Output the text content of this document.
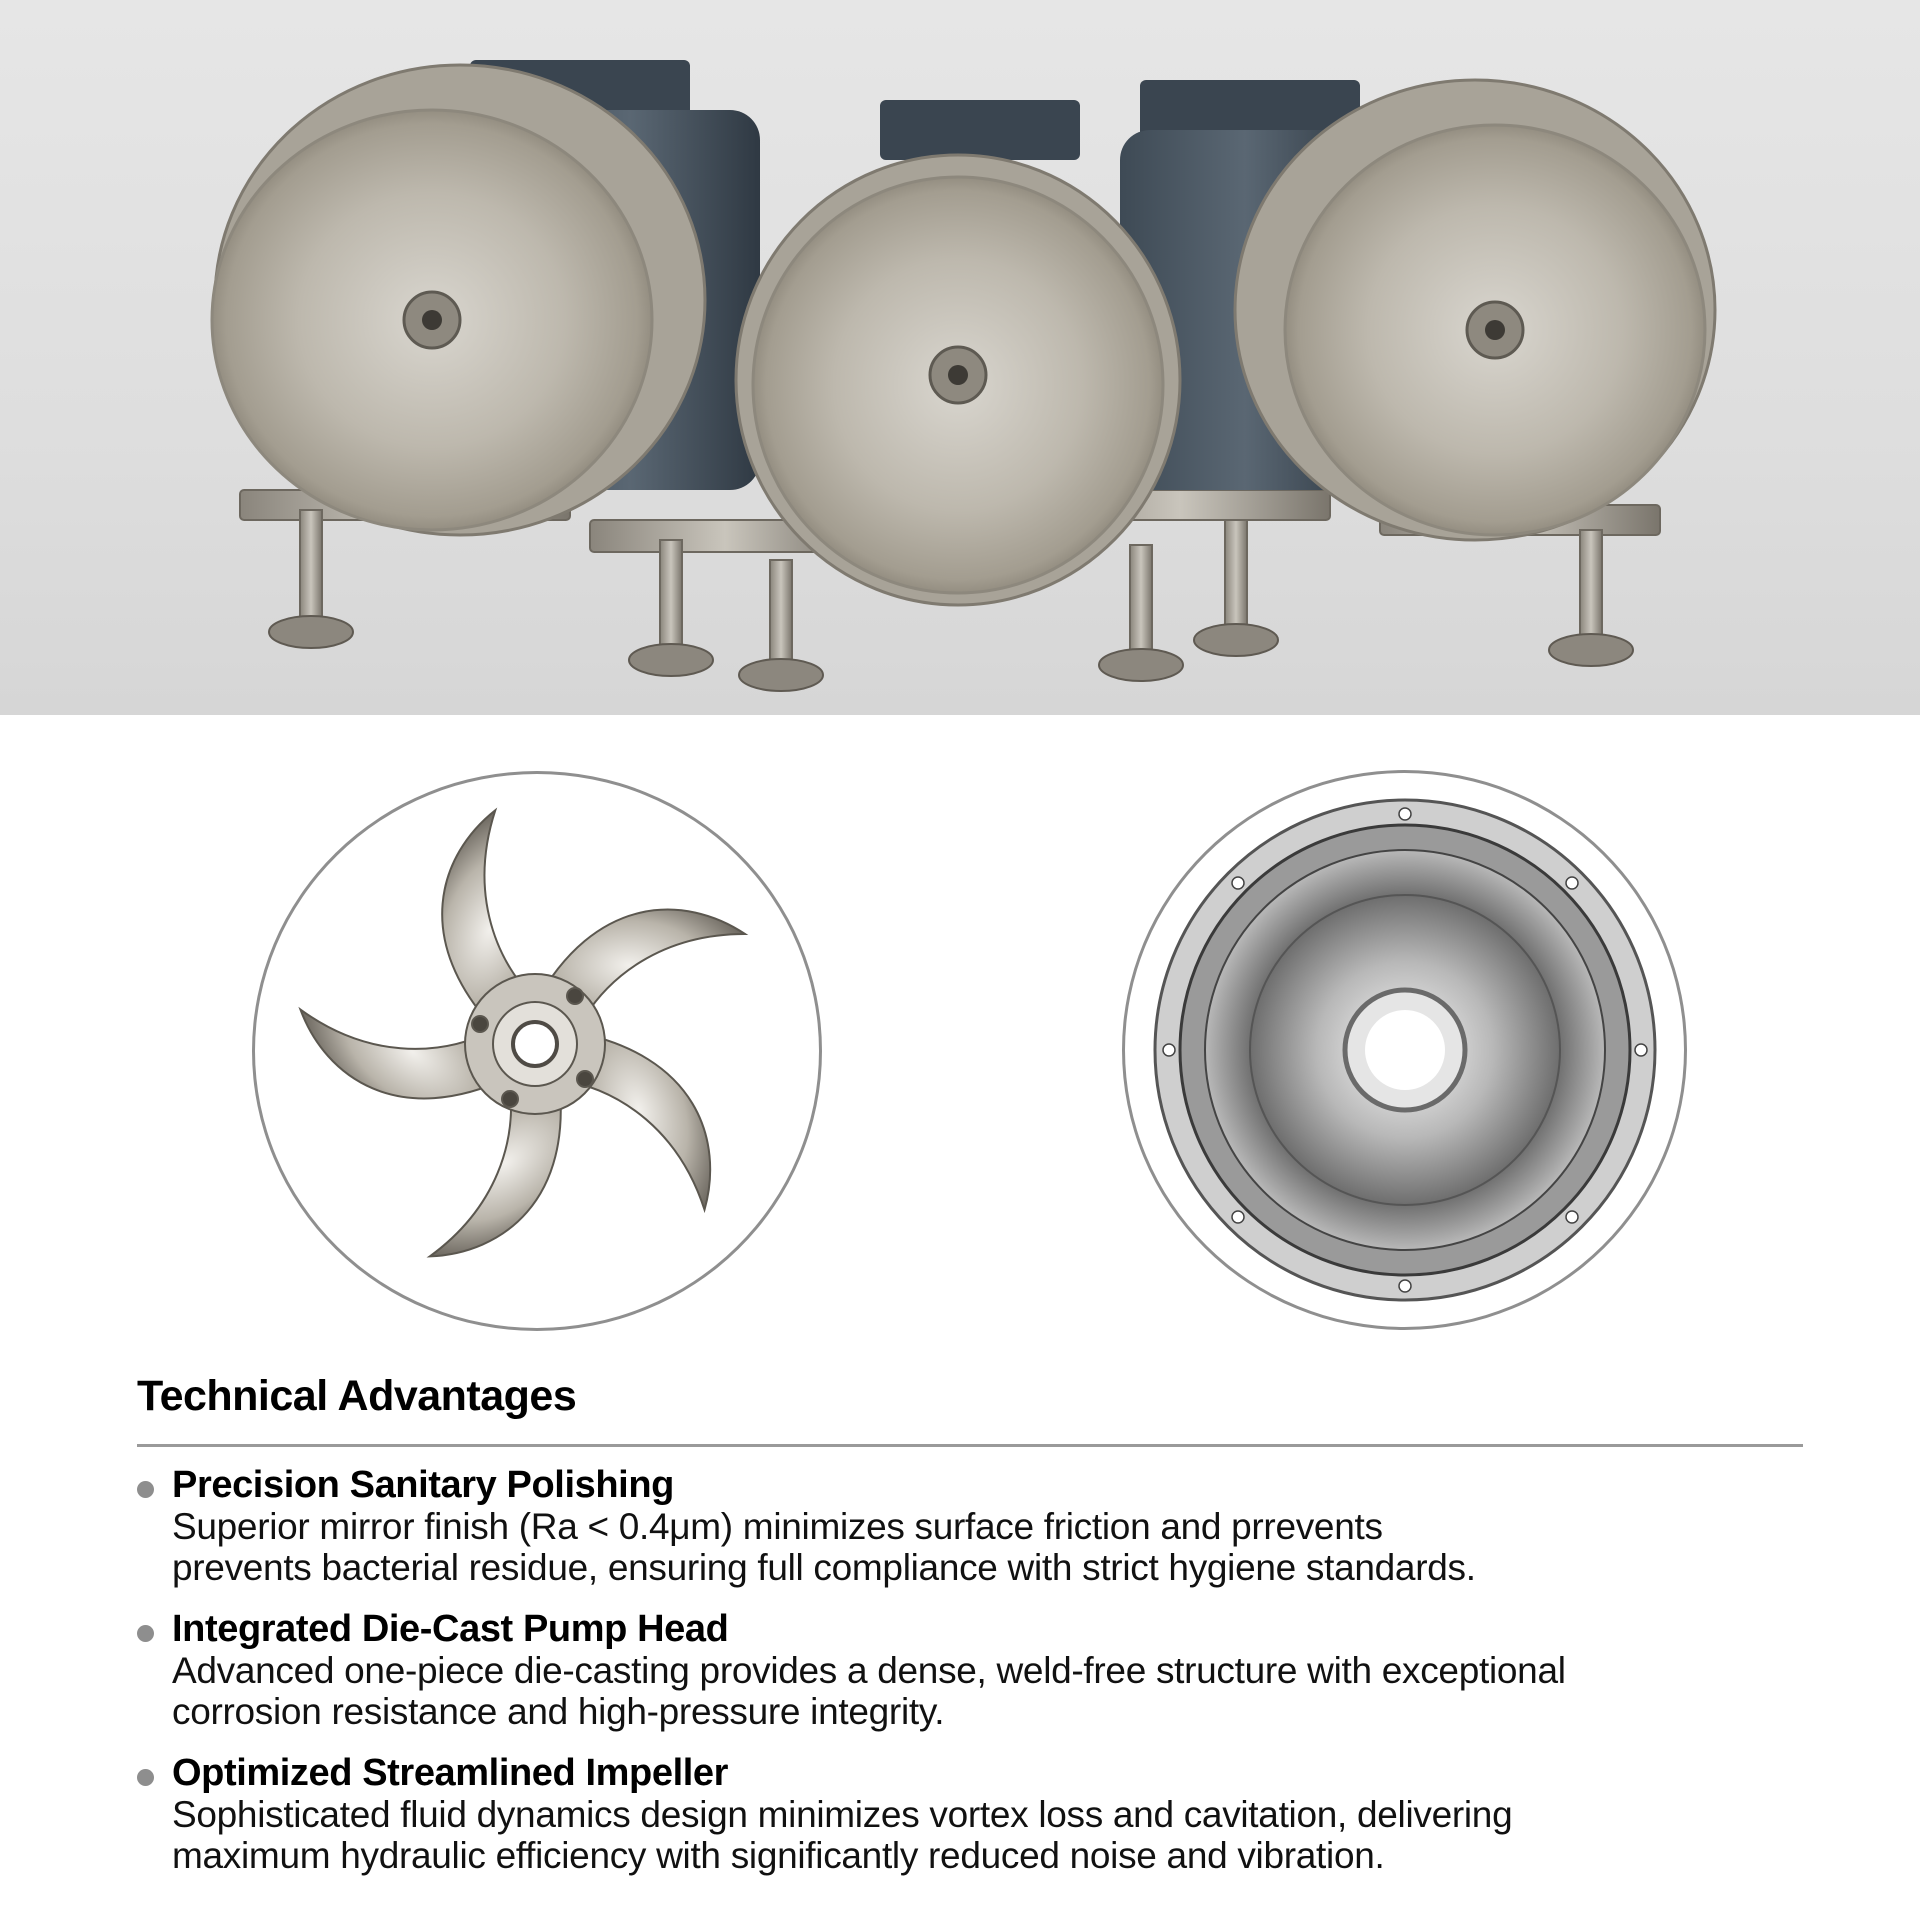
Technical Advantages
Precision Sanitary Polishing
Superior mirror finish (Ra < 0.4μm) minimizes surface friction and prrevents
prevents bacterial residue, ensuring full compliance with strict hygiene standards.
Integrated Die-Cast Pump Head
Advanced one-piece die-casting provides a dense, weld-free structure with exceptional
corrosion resistance and high-pressure integrity.
Optimized Streamlined Impeller
Sophisticated fluid dynamics design minimizes vortex loss and cavitation, delivering
maximum hydraulic efficiency with significantly reduced noise and vibration.
